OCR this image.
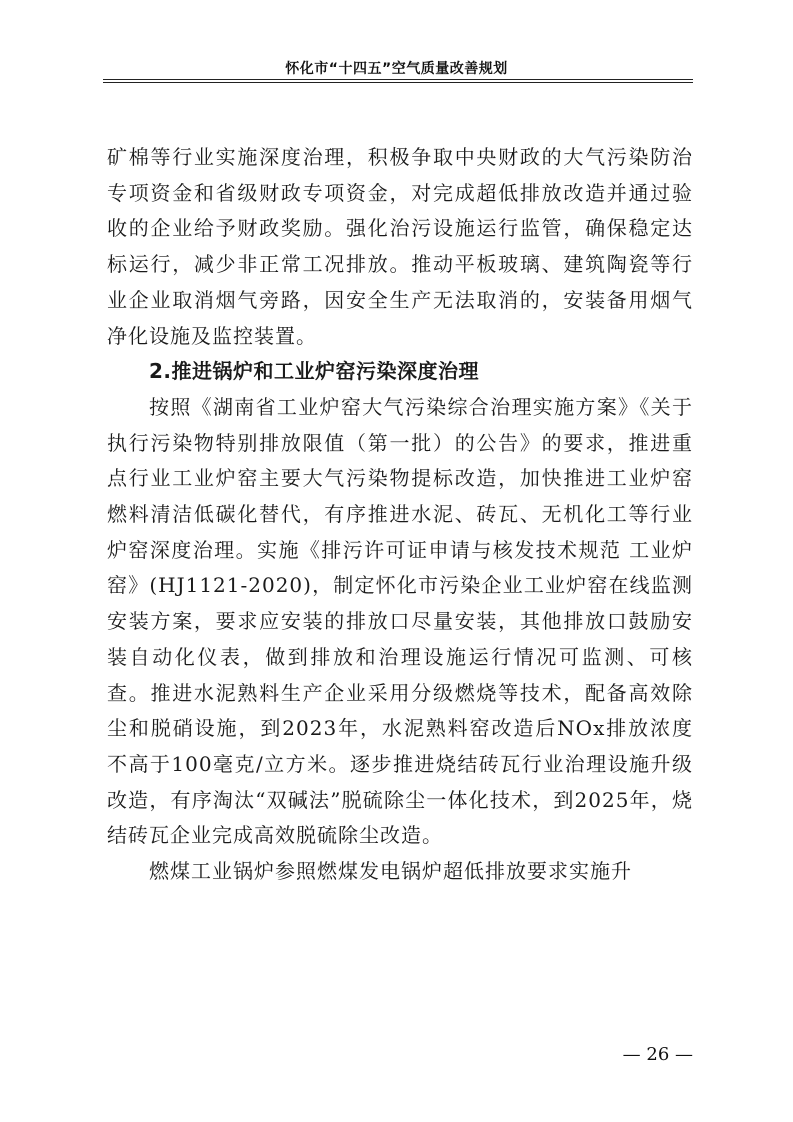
怀化市“十四五”空气质量改善规划

矿棉等行业实施深度治理，积极争取中央财政的大气污染防治专项资金和省级财政专项资金，对完成超低排放改造并通过验收的企业给予财政奖励。强化治污设施运行监管，确保稳定达标运行，减少非正常工况排放。推动平板玻璃、建筑陶瓷等行业企业取消烟气旁路，因安全生产无法取消的，安装备用烟气净化设施及监控装置。

2.推进锅炉和工业炉窑污染深度治理

按照《湖南省工业炉窑大气污染综合治理实施方案》《关于执行污染物特别排放限值（第一批）的公告》的要求，推进重点行业工业炉窑主要大气污染物提标改造，加快推进工业炉窑燃料清洁低碳化替代，有序推进水泥、砖瓦、无机化工等行业炉窑深度治理。实施《排污许可证申请与核发技术规范 工业炉窑》(HJ1121-2020)，制定怀化市污染企业工业炉窑在线监测安装方案，要求应安装的排放口尽量安装，其他排放口鼓励安装自动化仪表，做到排放和治理设施运行情况可监测、可核查。推进水泥熟料生产企业采用分级燃烧等技术，配备高效除尘和脱硝设施，到2023年，水泥熟料窑改造后NOx排放浓度不高于100毫克/立方米。逐步推进烧结砖瓦行业治理设施升级改造，有序淘汰“双碱法”脱硫除尘一体化技术，到2025年，烧结砖瓦企业完成高效脱硫除尘改造。

燃煤工业锅炉参照燃煤发电锅炉超低排放要求实施升

— 26 —
